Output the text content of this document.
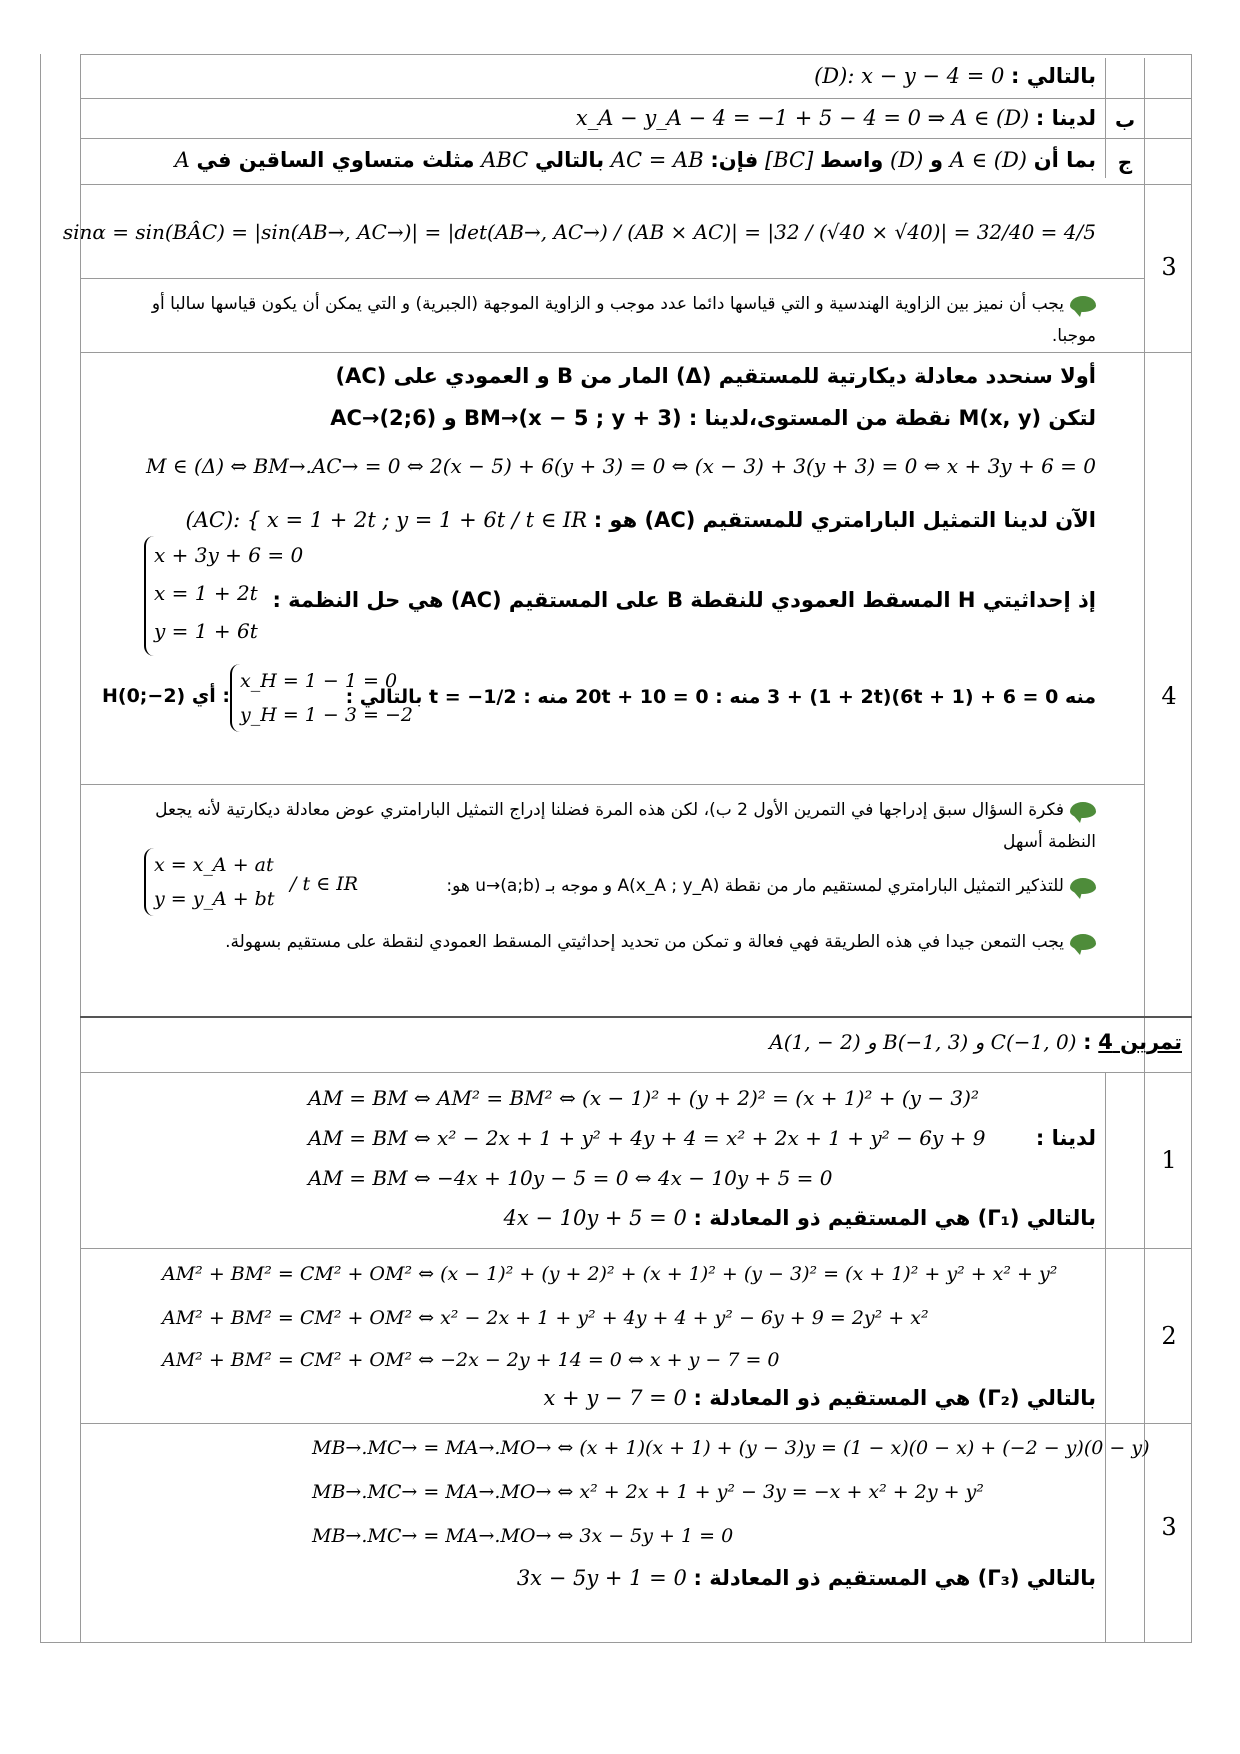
ب
ج
3
4
1
2
3
(D): x − y − 4 = 0 بالتالي :
x_A − y_A − 4 = −1 + 5 − 4 = 0 ⇒ A ∈ (D) لدينا :
بما أن A ∈ (D) و (D) واسط [BC] فإن: AC = AB بالتالي ABC مثلث متساوي الساقين في A
sinα = sin(BÂC) = |sin(AB→, AC→)| = |det(AB→, AC→) / (AB × AC)| = |32 / (√40 × √40)| = 32/40 = 4/5
يجب أن نميز بين الزاوية الهندسية و التي قياسها دائما عدد موجب و الزاوية الموجهة (الجبرية) و التي يمكن أن يكون قياسها سالبا أو موجبا.
أولا سنحدد معادلة ديكارتية للمستقيم (Δ) المار من B و العمودي على (AC)
لتكن M(x, y) نقطة من المستوى،لدينا : BM→(x − 5 ; y + 3) و AC→(2;6)
M ∈ (Δ) ⇔ BM→.AC→ = 0 ⇔ 2(x − 5) + 6(y + 3) = 0 ⇔ (x − 3) + 3(y + 3) = 0 ⇔ x + 3y + 6 = 0
(AC): { x = 1 + 2t ; y = 1 + 6t / t ∈ IR الآن لدينا التمثيل البارامتري للمستقيم (AC) هو :
x + 3y + 6 = 0
x = 1 + 2t
y = 1 + 6t
إذ إحداثيتي H المسقط العمودي للنقطة B على المستقيم (AC) هي حل النظمة :
منه 0 = 6 + (1 + 6t)3 + (1 + 2t) منه : 20t + 10 = 0 منه : t = −1/2 بالتالي :
x_H = 1 − 1 = 0
y_H = 1 − 3 = −2
H(0;−2) أي :
فكرة السؤال سبق إدراجها في التمرين الأول 2 ب)، لكن هذه المرة فضلنا إدراج التمثيل البارامتري عوض معادلة ديكارتية لأنه يجعل النظمة أسهل
للتذكير التمثيل البارامتري لمستقيم مار من نقطة A(x_A ; y_A) و موجه بـ u→(a;b) هو:
x = x_A + at
y = y_A + bt
/ t ∈ IR
يجب التمعن جيدا في هذه الطريقة فهي فعالة و تمكن من تحديد إحداثيتي المسقط العمودي لنقطة على مستقيم بسهولة.
تمرين 4 : A(1, − 2) و B(−1, 3) و C(−1, 0)
AM = BM ⇔ AM² = BM² ⇔ (x − 1)² + (y + 2)² = (x + 1)² + (y − 3)²
لدينا :
AM = BM ⇔ x² − 2x + 1 + y² + 4y + 4 = x² + 2x + 1 + y² − 6y + 9
AM = BM ⇔ −4x + 10y − 5 = 0 ⇔ 4x − 10y + 5 = 0
4x − 10y + 5 = 0 بالتالي (Γ₁) هي المستقيم ذو المعادلة :
AM² + BM² = CM² + OM² ⇔ (x − 1)² + (y + 2)² + (x + 1)² + (y − 3)² = (x + 1)² + y² + x² + y²
AM² + BM² = CM² + OM² ⇔ x² − 2x + 1 + y² + 4y + 4 + y² − 6y + 9 = 2y² + x²
AM² + BM² = CM² + OM² ⇔ −2x − 2y + 14 = 0 ⇔ x + y − 7 = 0
x + y − 7 = 0 بالتالي (Γ₂) هي المستقيم ذو المعادلة :
MB→.MC→ = MA→.MO→ ⇔ (x + 1)(x + 1) + (y − 3)y = (1 − x)(0 − x) + (−2 − y)(0 − y)
MB→.MC→ = MA→.MO→ ⇔ x² + 2x + 1 + y² − 3y = −x + x² + 2y + y²
MB→.MC→ = MA→.MO→ ⇔ 3x − 5y + 1 = 0
3x − 5y + 1 = 0 بالتالي (Γ₃) هي المستقيم ذو المعادلة :
